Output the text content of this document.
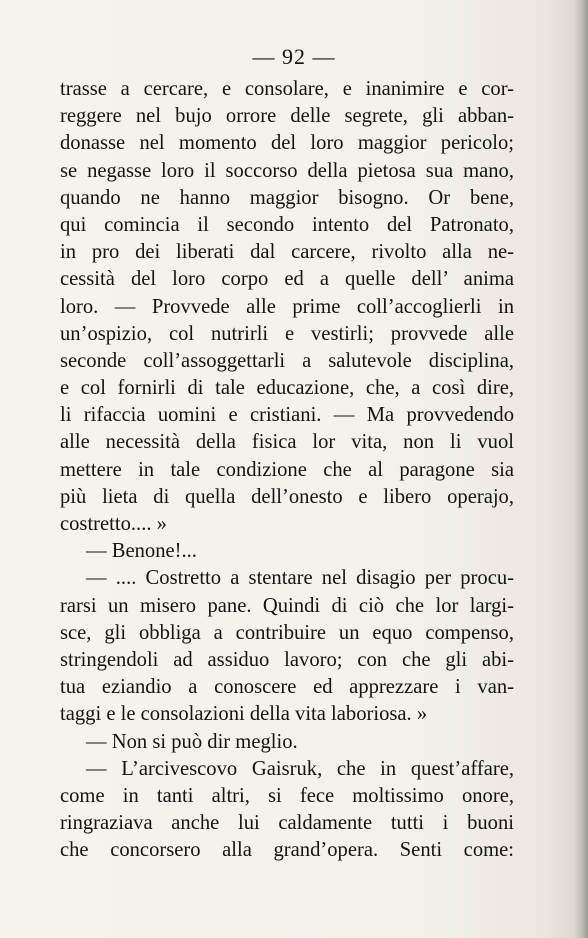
— 92 —
trasse a cercare, e consolare, e inanimire e cor-
reggere nel bujo orrore delle segrete, gli abban-
donasse nel momento del loro maggior pericolo;
se negasse loro il soccorso della pietosa sua mano,
quando ne hanno maggior bisogno. Or bene,
qui comincia il secondo intento del Patronato,
in pro dei liberati dal carcere, rivolto alla ne-
cessità del loro corpo ed a quelle dell’ anima
loro. — Provvede alle prime coll’accoglierli in
un’ospizio, col nutrirli e vestirli; provvede alle
seconde coll’assoggettarli a salutevole disciplina,
e col fornirli di tale educazione, che, a così dire,
li rifaccia uomini e cristiani. — Ma provvedendo
alle necessità della fisica lor vita, non li vuol
mettere in tale condizione che al paragone sia
più lieta di quella dell’onesto e libero operajo,
costretto.... »
— Benone!...
— .... Costretto a stentare nel disagio per procu-
rarsi un misero pane. Quindi di ciò che lor largi-
sce, gli obbliga a contribuire un equo compenso,
stringendoli ad assiduo lavoro; con che gli abi-
tua eziandio a conoscere ed apprezzare i van-
taggi e le consolazioni della vita laboriosa. »
— Non si può dir meglio.
— L’arcivescovo Gaisruk, che in quest’affare,
come in tanti altri, si fece moltissimo onore,
ringraziava anche lui caldamente tutti i buoni
che concorsero alla grand’opera. Senti come:
